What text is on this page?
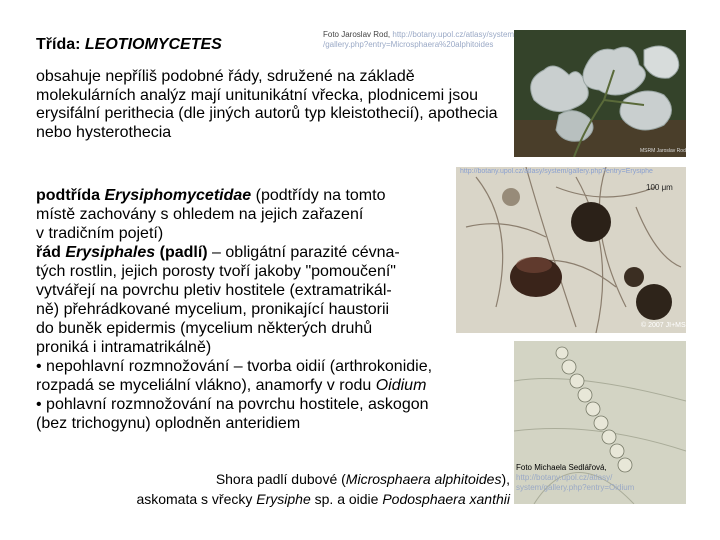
Třída: LEOTIOMYCETES
Foto Jaroslav Rod, http://botany.upol.cz/atlasy/system
/gallery.php?entry=Microsphaera%20alphitoides
MSRM Jaroslav Rod
obsahuje nepříliš podobné řády, sdružené na základě molekulárních analýz mají unitunikátní vřecka, plodnicemi jsou erysifální perithecia (dle jiných autorů typ kleistothecií), apothecia nebo hysterothecia
http://botany.upol.cz/atlasy/system/gallery.php?entry=Erysiphe
100 μm
© 2007 JI+MS

podtřída Erysiphomycetidae (podtřídy na tomto

místě zachovány s ohledem na jejich zařazení

v tradičním pojetí)

řád Erysiphales (padlí) – obligátní parazité cévna-

tých rostlin, jejich porosty tvoří jakoby "pomoučení"

vytvářejí na povrchu pletiv hostitele (extramatrikál-

ně) přehrádkované mycelium, pronikající haustorii

do buněk epidermis (mycelium některých druhů

proniká i intramatrikálně)

• nepohlavní rozmnožování – tvorba oidií (arthrokonidie,

rozpadá se myceliální vlákno), anamorfy v rodu Oidium

• pohlavní rozmnožování na povrchu hostitele, askogon

(bez trichogynu) oplodněn anteridiem

Shora padlí dubové (Microsphaera alphitoides),
askomata s vřecky Erysiphe sp. a oidie Podosphaera xanthii
Foto Michaela Sedlářová,
http://botany.upol.cz/atlasy/
system/gallery.php?entry=Oidium
